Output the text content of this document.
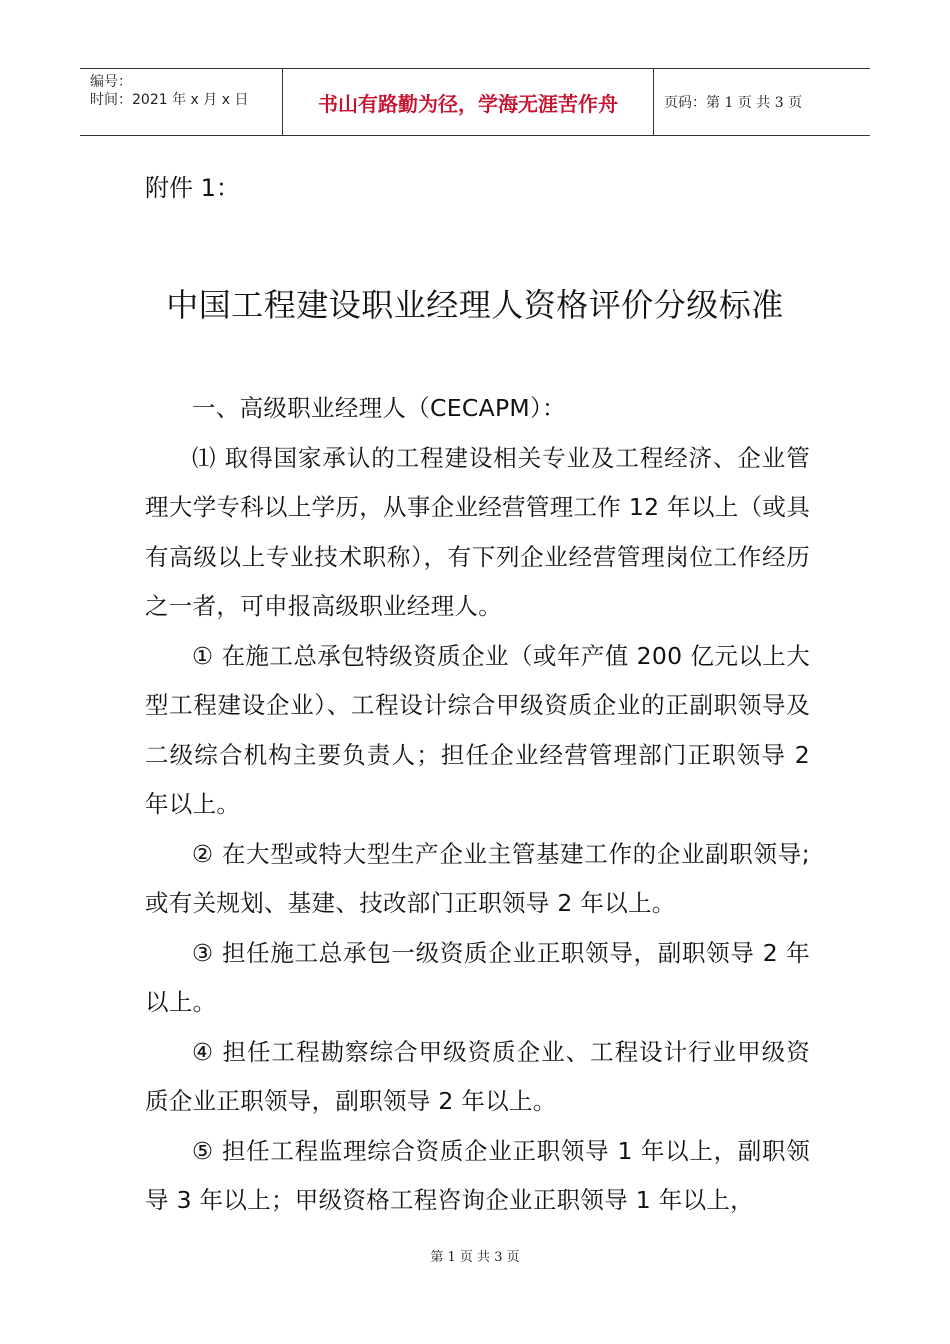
编号：
时间：2021 年 x 月 x 日	书山有路勤为径，学海无涯苦作舟	页码：第 1 页 共 3 页
附件 1：
中国工程建设职业经理人资格评价分级标准

一、高级职业经理人（CECAPM）：

⑴ 取得国家承认的工程建设相关专业及工程经济、企业管理大学专科以上学历，从事企业经营管理工作 12 年以上（或具有高级以上专业技术职称），有下列企业经营管理岗位工作经历之一者，可申报高级职业经理人。

① 在施工总承包特级资质企业（或年产值 200 亿元以上大型工程建设企业）、工程设计综合甲级资质企业的正副职领导及二级综合机构主要负责人；担任企业经营管理部门正职领导 2 年以上。

② 在大型或特大型生产企业主管基建工作的企业副职领导;或有关规划、基建、技改部门正职领导 2 年以上。

③ 担任施工总承包一级资质企业正职领导，副职领导 2 年以上。

④ 担任工程勘察综合甲级资质企业、工程设计行业甲级资质企业正职领导，副职领导 2 年以上。

⑤ 担任工程监理综合资质企业正职领导 1 年以上，副职领导 3 年以上；甲级资格工程咨询企业正职领导 1 年以上，

第 1 页 共 3 页
